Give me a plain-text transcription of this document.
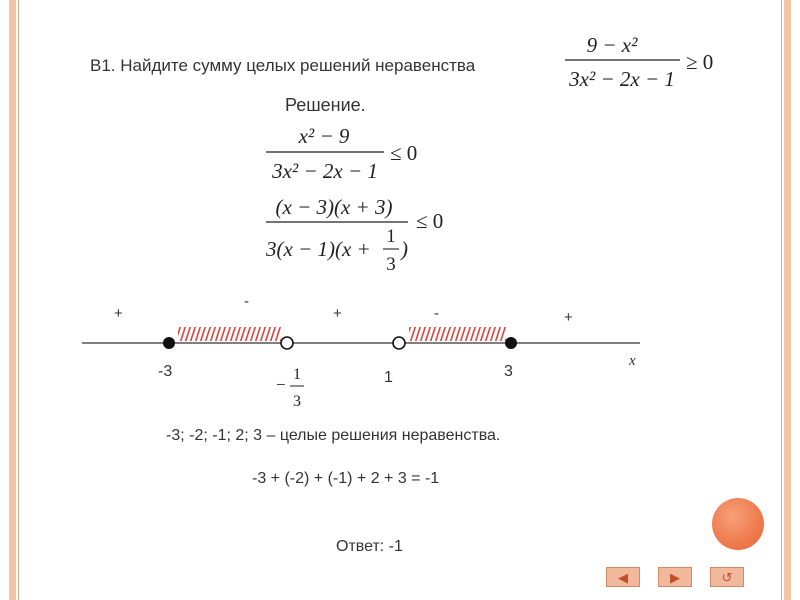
В1. Найдите сумму целых решений неравенства
9 − x²
3x² − 2x − 1
≥ 0
Решение.
x² − 9
3x² − 2x − 1
≤ 0
(x − 3)(x + 3)
3(x − 1)(x +
1
3
)
≤ 0
+
-
+	-	+
-3	1	3
x
−
1
3
-3; -2; -1; 2; 3 – целые решения неравенства.
-3 + (-2) + (-1) + 2 + 3 = -1
Ответ: -1
◀	▶	↺
